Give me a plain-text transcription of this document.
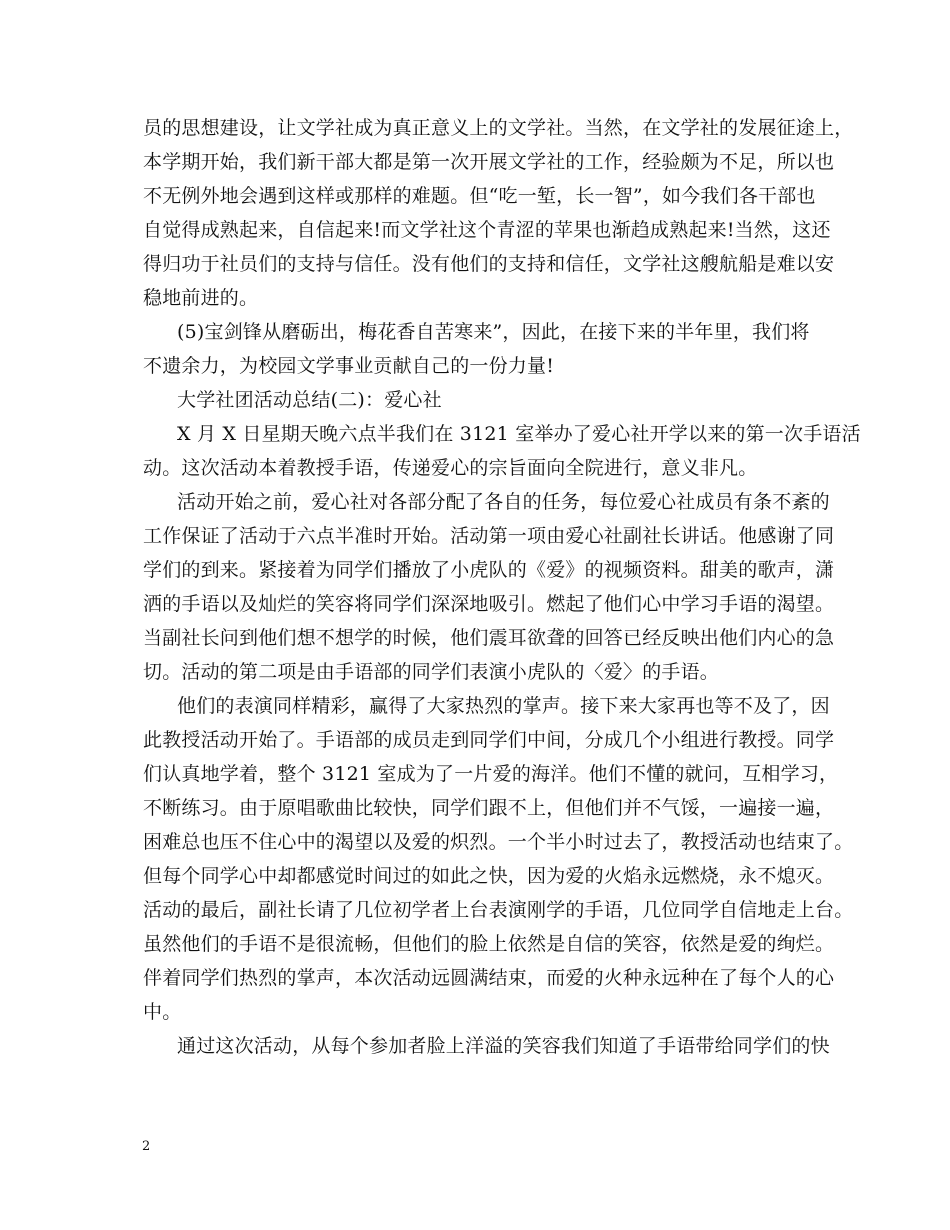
员的思想建设，让文学社成为真正意义上的文学社。当然，在文学社的发展征途上，
本学期开始，我们新干部大都是第一次开展文学社的工作，经验颇为不足，所以也
不无例外地会遇到这样或那样的难题。但“吃一堑，长一智”，如今我们各干部也
自觉得成熟起来，自信起来!而文学社这个青涩的苹果也渐趋成熟起来!当然，这还
得归功于社员们的支持与信任。没有他们的支持和信任，文学社这艘航船是难以安
稳地前进的。
(5)宝剑锋从磨砺出，梅花香自苦寒来”，因此，在接下来的半年里，我们将
不遗余力，为校园文学事业贡献自己的一份力量!
大学社团活动总结(二)：爱心社
X 月 X 日星期天晚六点半我们在 3121 室举办了爱心社开学以来的第一次手语活
动。这次活动本着教授手语，传递爱心的宗旨面向全院进行，意义非凡。
活动开始之前，爱心社对各部分配了各自的任务，每位爱心社成员有条不紊的
工作保证了活动于六点半准时开始。活动第一项由爱心社副社长讲话。他感谢了同
学们的到来。紧接着为同学们播放了小虎队的《爱》的视频资料。甜美的歌声，潇
洒的手语以及灿烂的笑容将同学们深深地吸引。燃起了他们心中学习手语的渴望。
当副社长问到他们想不想学的时候，他们震耳欲聋的回答已经反映出他们内心的急
切。活动的第二项是由手语部的同学们表演小虎队的〈爱〉的手语。
他们的表演同样精彩，赢得了大家热烈的掌声。接下来大家再也等不及了，因
此教授活动开始了。手语部的成员走到同学们中间，分成几个小组进行教授。同学
们认真地学着，整个 3121 室成为了一片爱的海洋。他们不懂的就问，互相学习，
不断练习。由于原唱歌曲比较快，同学们跟不上，但他们并不气馁，一遍接一遍，
困难总也压不住心中的渴望以及爱的炽烈。一个半小时过去了，教授活动也结束了。
但每个同学心中却都感觉时间过的如此之快，因为爱的火焰永远燃烧，永不熄灭。
活动的最后，副社长请了几位初学者上台表演刚学的手语，几位同学自信地走上台。
虽然他们的手语不是很流畅，但他们的脸上依然是自信的笑容，依然是爱的绚烂。
伴着同学们热烈的掌声，本次活动远圆满结束，而爱的火种永远种在了每个人的心
中。
通过这次活动，从每个参加者脸上洋溢的笑容我们知道了手语带给同学们的快
2
